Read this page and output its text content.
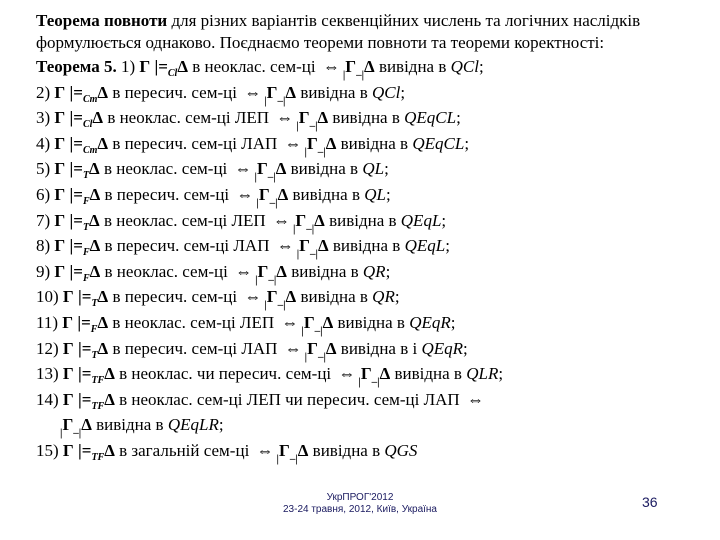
Теорема повноти для різних варіантів секвенційних числень та логічних наслідків формулюється однаково. Поєднаємо теореми повноти та теореми коректності:

Теорема 5. 1) Γ $|=_{Cl}\Delta$ в неоклас. сем-ці ⇔ $_|Г_{-|}\Delta$ вивідна в QCl;
2) Γ $|=_{Cm}\Delta$ в пересич. сем-ці ⇔ $_|Г_{-|}\Delta$ вивідна в QCl;
3) Γ $|=_{Cl}\Delta$ в неоклас. сем-ці ЛЕП ⇔ $_|Г_{-|}\Delta$ вивідна в QEqCL;
4) Γ $|=_{Cm}\Delta$ в пересич. сем-ці ЛАП ⇔ $_|Г_{-|}\Delta$ вивідна в QEqCL;
5) Γ $|=_T\Delta$ в неоклас. сем-ці ⇔ $_|Г_{-|}\Delta$ вивідна в QL;
6) Γ $|=_F\Delta$ в пересич. сем-ці ⇔ $_|Г_{-|}\Delta$ вивідна в QL;
7) Γ $|=_T\Delta$ в неоклас. сем-ці ЛЕП ⇔ $_|Г_{-|}\Delta$ вивідна в QEqL;
8) Γ $|=_F\Delta$ в пересич. сем-ці ЛАП ⇔ $_|Г_{-|}\Delta$ вивідна в QEqL;
9) Γ $|=_F\Delta$ в неоклас. сем-ці ⇔ $_|Г_{-|}\Delta$ вивідна в QR;
10) Γ $|=_T\Delta$ в пересич. сем-ці ⇔ $_|Г_{-|}\Delta$ вивідна в QR;
11) Γ $|=_F\Delta$ в неоклас. сем-ці ЛЕП ⇔ $_|Г_{-|}\Delta$ вивідна в QEqR;
12) Γ $|=_T\Delta$ в пересич. сем-ці ЛАП ⇔ $_|Г_{-|}\Delta$ вивідна в і QEqR;
13) Γ $|=_{TF}\Delta$ в неоклас. чи пересич. сем-ці ⇔ $_|Г_{-|}\Delta$ вивідна в QLR;
14) Γ $|=_{TF}\Delta$ в неоклас. сем-ці ЛЕП чи пересич. сем-ці ЛАП ⇔
$_|Г_{-|}\Delta$ вивідна в QEqLR;
15) Γ $|=_{TF}\Delta$ в загальній сем-ці ⇔ $_|Г_{-|}\Delta$ вивідна в QGS
УкрПРОГ'2012
23-24 травня, 2012, Київ, Україна	36
